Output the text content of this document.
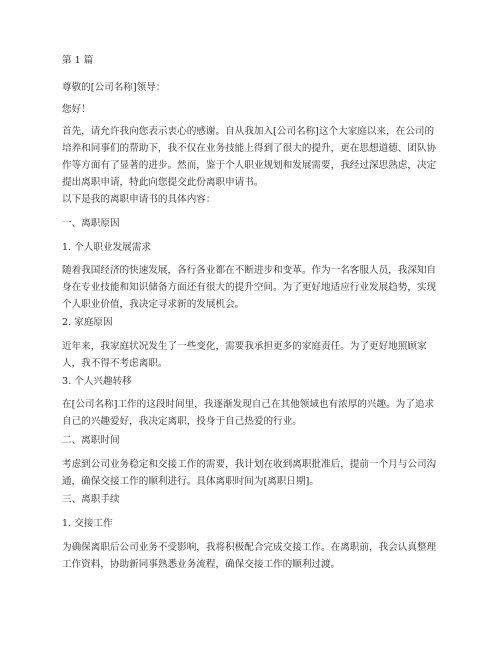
第 1 篇

尊敬的[公司名称]领导：

您好！

首先，请允许我向您表示衷心的感谢。自从我加入[公司名称]这个大家庭以来，在公司的培养和同事们的帮助下，我不仅在业务技能上得到了很大的提升，更在思想道德、团队协作等方面有了显著的进步。然而，鉴于个人职业规划和发展需要，我经过深思熟虑，决定提出离职申请，特此向您提交此份离职申请书。

以下是我的离职申请书的具体内容：

一、离职原因

1. 个人职业发展需求

随着我国经济的快速发展，各行各业都在不断进步和变革。作为一名客服人员，我深知自身在专业技能和知识储备方面还有很大的提升空间。为了更好地适应行业发展趋势，实现个人职业价值，我决定寻求新的发展机会。

2. 家庭原因

近年来，我家庭状况发生了一些变化，需要我承担更多的家庭责任。为了更好地照顾家人，我不得不考虑离职。

3. 个人兴趣转移

在[公司名称]工作的这段时间里，我逐渐发现自己在其他领域也有浓厚的兴趣。为了追求自己的兴趣爱好，我决定离职，投身于自己热爱的行业。

二、离职时间

考虑到公司业务稳定和交接工作的需要，我计划在收到离职批准后，提前一个月与公司沟通，确保交接工作的顺利进行。具体离职时间为[离职日期]。

三、离职手续

1. 交接工作

为确保离职后公司业务不受影响，我将积极配合完成交接工作。在离职前，我会认真整理工作资料，协助新同事熟悉业务流程，确保交接工作的顺利过渡。
